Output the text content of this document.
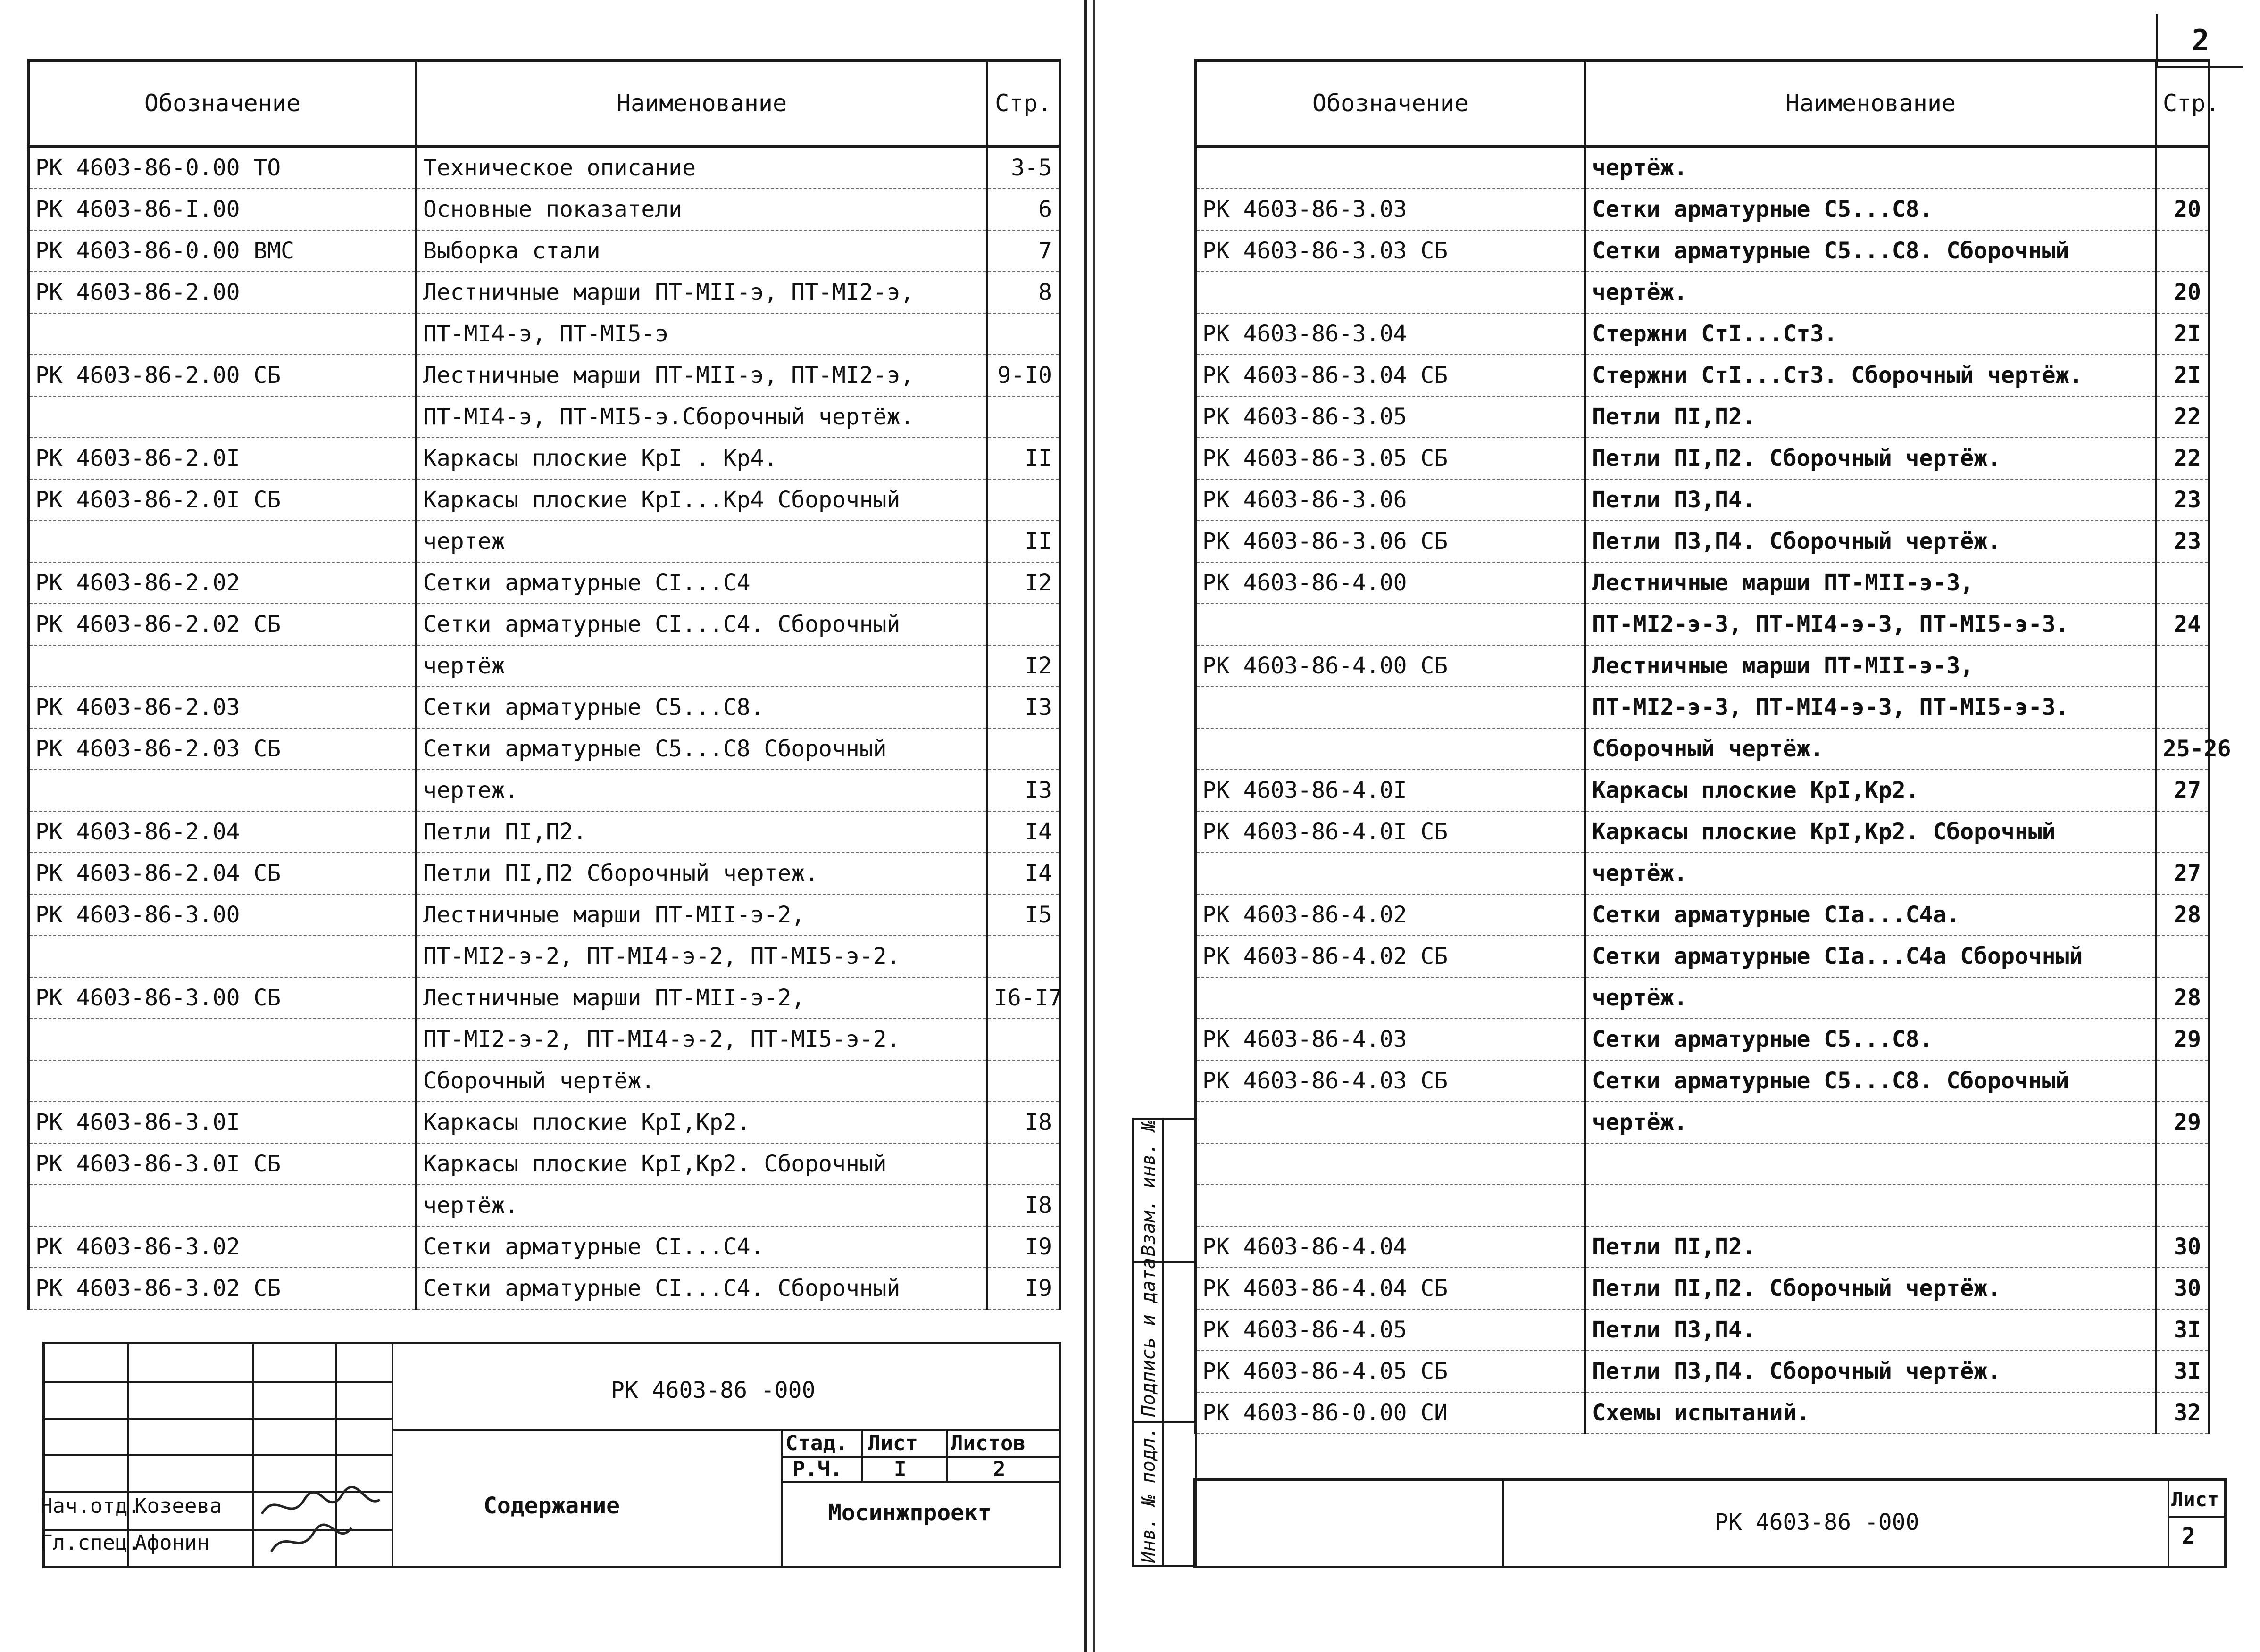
2
Обозначение	Наименование	Стр.
РК 4603-86-0.00 ТО	Техническое описание	3-5
РК 4603-86-I.00	Основные показатели	6
РК 4603-86-0.00 ВМС	Выборка стали	7
РК 4603-86-2.00	Лестничные марши ПТ-МII-э, ПТ-МI2-э,	8
	ПТ-МI4-э, ПТ-МI5-э	
РК 4603-86-2.00 СБ	Лестничные марши ПТ-МII-э, ПТ-МI2-э,	9-I0
	ПТ-МI4-э, ПТ-МI5-э.Сборочный чертёж.	
РК 4603-86-2.0I	Каркасы плоские КрI . Кр4.	II
РК 4603-86-2.0I СБ	Каркасы плоские КрI...Кр4 Сборочный	
	чертеж	II
РК 4603-86-2.02	Сетки арматурные СI...С4	I2
РК 4603-86-2.02 СБ	Сетки арматурные СI...С4. Сборочный	
	чертёж	I2
РК 4603-86-2.03	Сетки арматурные С5...С8.	I3
РК 4603-86-2.03 СБ	Сетки арматурные С5...С8 Сборочный	
	чертеж.	I3
РК 4603-86-2.04	Петли ПI,П2.	I4
РК 4603-86-2.04 СБ	Петли ПI,П2 Сборочный чертеж.	I4
РК 4603-86-3.00	Лестничные марши ПТ-МII-э-2,	I5
	ПТ-МI2-э-2, ПТ-МI4-э-2, ПТ-МI5-э-2.	
РК 4603-86-3.00 СБ	Лестничные марши ПТ-МII-э-2,	I6-I7
	ПТ-МI2-э-2, ПТ-МI4-э-2, ПТ-МI5-э-2.	
	Сборочный чертёж.	
РК 4603-86-3.0I	Каркасы плоские КрI,Кр2.	I8
РК 4603-86-3.0I СБ	Каркасы плоские КрI,Кр2. Сборочный	
	чертёж.	I8
РК 4603-86-3.02	Сетки арматурные СI...С4.	I9
РК 4603-86-3.02 СБ	Сетки арматурные СI...С4. Сборочный	I9
Обозначение	Наименование	Стр.
	чертёж.	
РК 4603-86-3.03	Сетки арматурные С5...С8.	20
РК 4603-86-3.03 СБ	Сетки арматурные С5...С8. Сборочный	
	чертёж.	20
РК 4603-86-3.04	Стержни СтI...Ст3.	2I
РК 4603-86-3.04 СБ	Стержни СтI...Ст3. Сборочный чертёж.	2I
РК 4603-86-3.05	Петли ПI,П2.	22
РК 4603-86-3.05 СБ	Петли ПI,П2. Сборочный чертёж.	22
РК 4603-86-3.06	Петли П3,П4.	23
РК 4603-86-3.06 СБ	Петли П3,П4. Сборочный чертёж.	23
РК 4603-86-4.00	Лестничные марши ПТ-МII-э-3,	
	ПТ-МI2-э-3, ПТ-МI4-э-3, ПТ-МI5-э-3.	24
РК 4603-86-4.00 СБ	Лестничные марши ПТ-МII-э-3,	
	ПТ-МI2-э-3, ПТ-МI4-э-3, ПТ-МI5-э-3.	
	Сборочный чертёж.	25-26
РК 4603-86-4.0I	Каркасы плоские КрI,Кр2.	27
РК 4603-86-4.0I СБ	Каркасы плоские КрI,Кр2. Сборочный	
	чертёж.	27
РК 4603-86-4.02	Сетки арматурные СIа...С4а.	28
РК 4603-86-4.02 СБ	Сетки арматурные СIа...С4а Сборочный	
	чертёж.	28
РК 4603-86-4.03	Сетки арматурные С5...С8.	29
РК 4603-86-4.03 СБ	Сетки арматурные С5...С8. Сборочный	
	чертёж.	29

РК 4603-86-4.04	Петли ПI,П2.	30
РК 4603-86-4.04 СБ	Петли ПI,П2. Сборочный чертёж.	30
РК 4603-86-4.05	Петли П3,П4.	3I
РК 4603-86-4.05 СБ	Петли П3,П4. Сборочный чертёж.	3I
РК 4603-86-0.00 СИ	Схемы испытаний.	32
РК 4603-86 -000
Содержание
Стад. Лист Листов
Р.Ч. I	2
Мосинжпроект
Нач.отд.
Козеева
Гл.спец.
Афонин	Инв. № подл.
Подпись и дата
Взам. инв. №
РК 4603-86 -000
Лист
2
